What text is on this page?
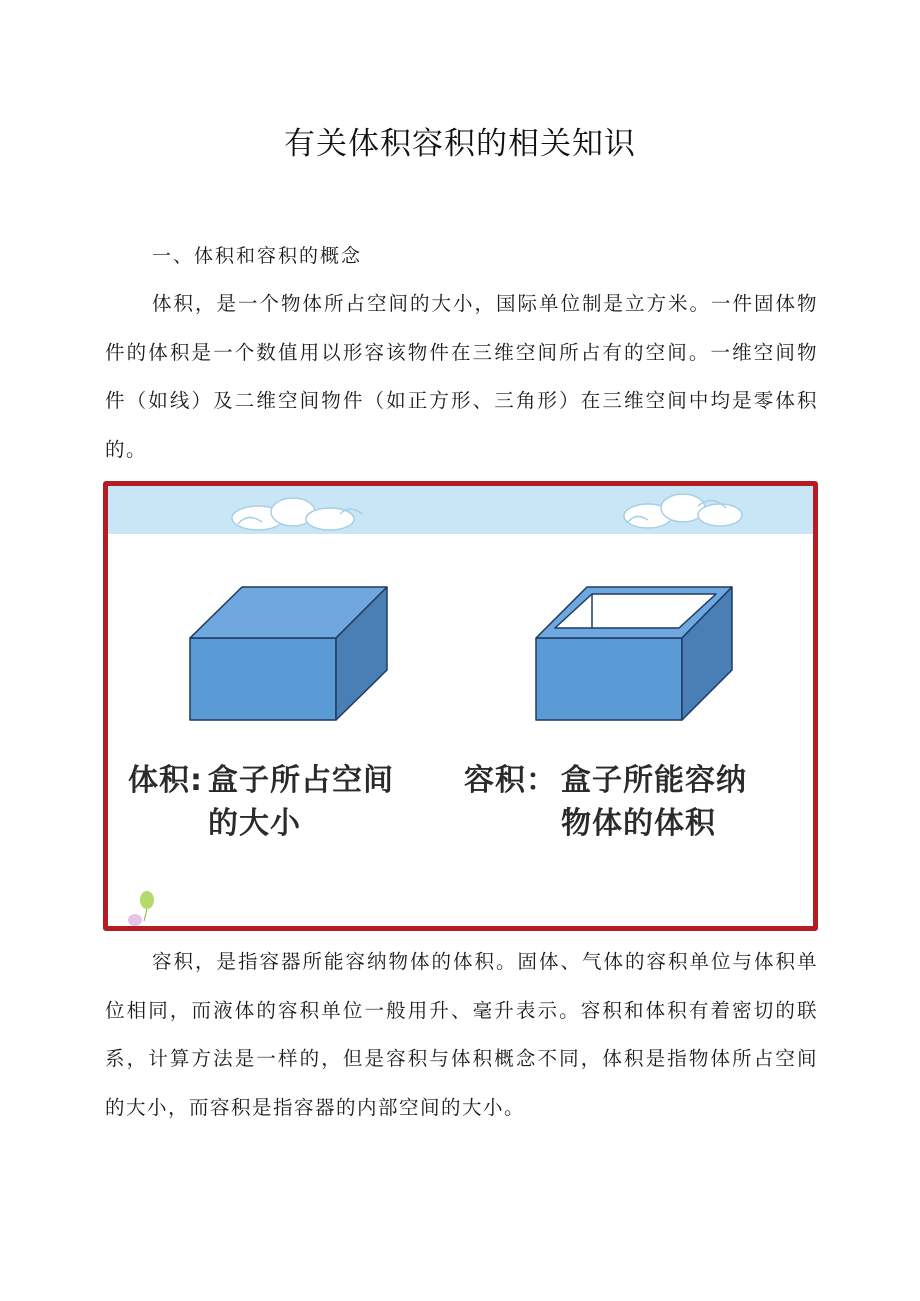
有关体积容积的相关知识
一、体积和容积的概念

体积，是一个物体所占空间的大小，国际单位制是立方米。一件固体物件的体积是一个数值用以形容该物件在三维空间所占有的空间。一维空间物件（如线）及二维空间物件（如正方形、三角形）在三维空间中均是零体积的。

体积: 盒子所占空间
的大小
容积： 盒子所能容纳
物体的体积

容积，是指容器所能容纳物体的体积。固体、气体的容积单位与体积单位相同，而液体的容积单位一般用升、毫升表示。容积和体积有着密切的联系，计算方法是一样的，但是容积与体积概念不同，体积是指物体所占空间的大小，而容积是指容器的内部空间的大小。
